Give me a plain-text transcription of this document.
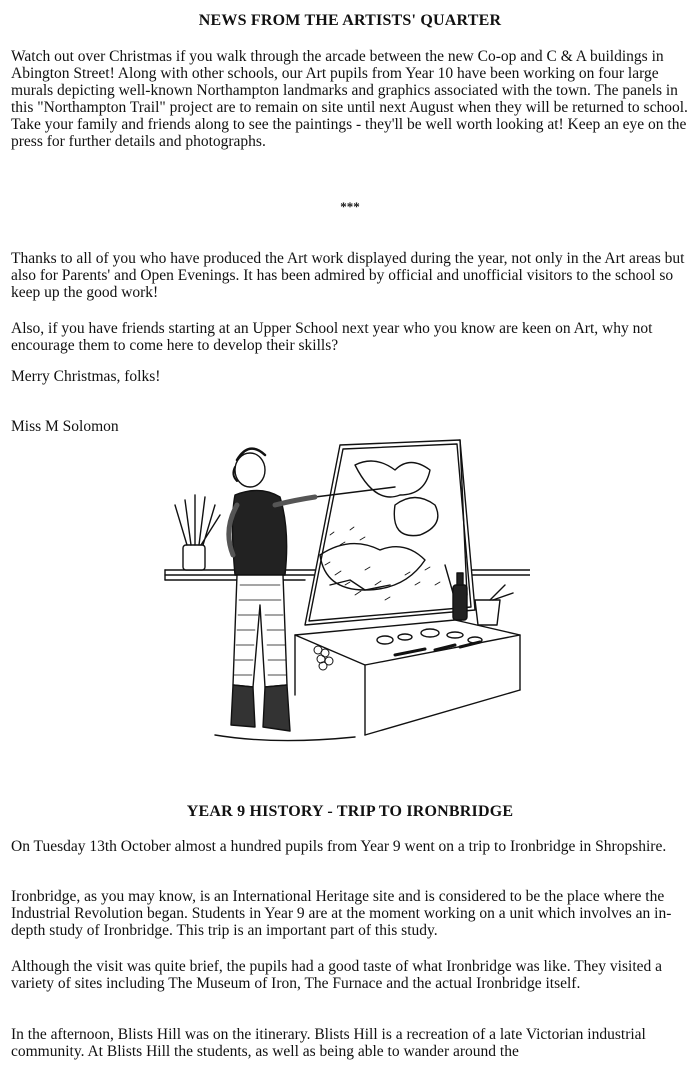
NEWS FROM THE ARTISTS' QUARTER

Watch out over Christmas if you walk through the arcade between the new Co-op and C & A buildings in Abington Street! Along with other schools, our Art pupils from Year 10 have been working on four large murals depicting well-known Northampton landmarks and graphics associated with the town. The panels in this "Northampton Trail" project are to remain on site until next August when they will be returned to school. Take your family and friends along to see the paintings - they'll be well worth looking at! Keep an eye on the press for further details and photographs.

***

Thanks to all of you who have produced the Art work displayed during the year, not only in the Art areas but also for Parents' and Open Evenings. It has been admired by official and unofficial visitors to the school so keep up the good work!

Also, if you have friends starting at an Upper School next year who you know are keen on Art, why not encourage them to come here to develop their skills?

Merry Christmas, folks!

Miss M Solomon

YEAR 9 HISTORY - TRIP TO IRONBRIDGE

On Tuesday 13th October almost a hundred pupils from Year 9 went on a trip to Ironbridge in Shropshire.

Ironbridge, as you may know, is an International Heritage site and is considered to be the place where the Industrial Revolution began. Students in Year 9 are at the moment working on a unit which involves an in-depth study of Ironbridge. This trip is an important part of this study.

Although the visit was quite brief, the pupils had a good taste of what Ironbridge was like. They visited a variety of sites including The Museum of Iron, The Furnace and the actual Ironbridge itself.

In the afternoon, Blists Hill was on the itinerary. Blists Hill is a recreation of a late Victorian industrial community. At Blists Hill the students, as well as being able to wander around the
